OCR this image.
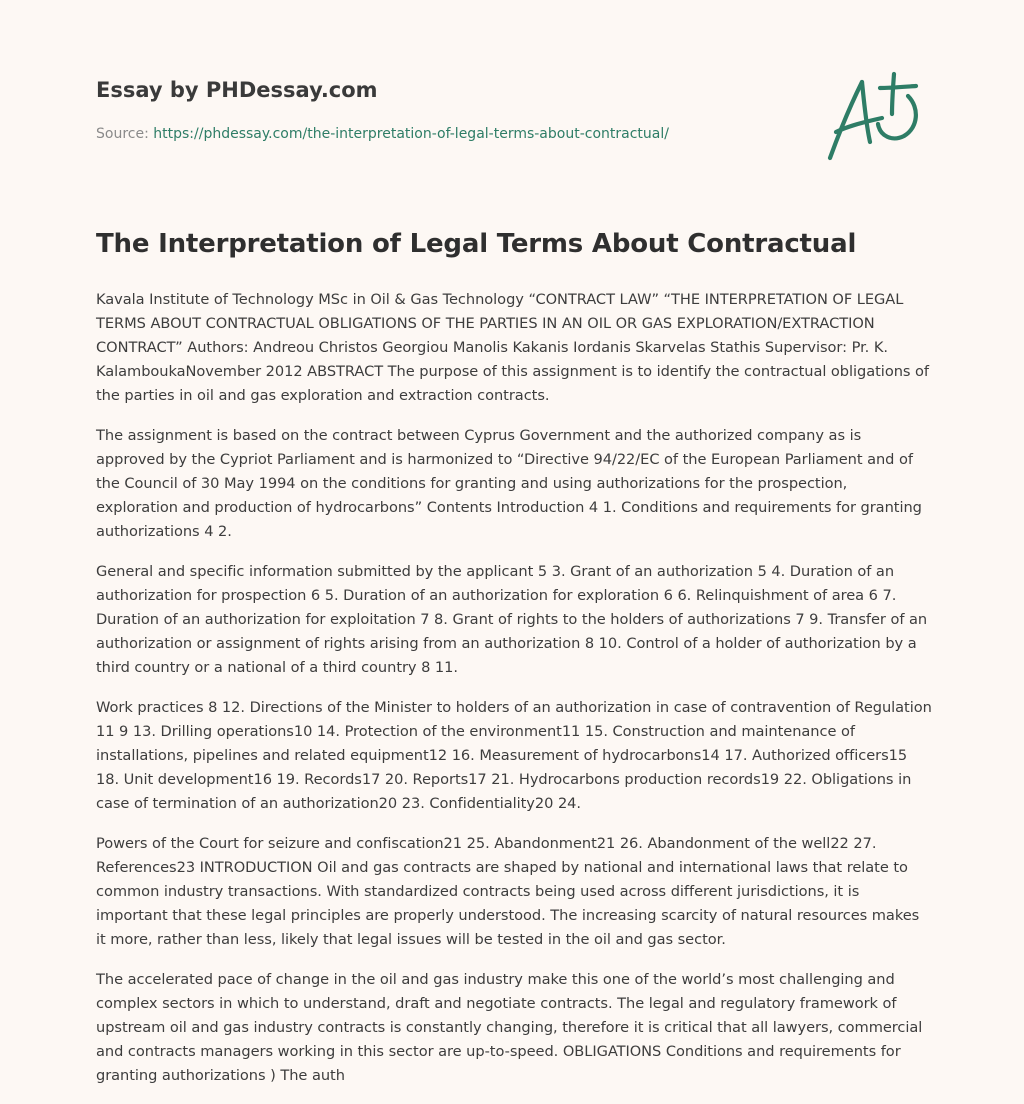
Essay by PHDessay.com
Source: https://phdessay.com/the-interpretation-of-legal-terms-about-contractual/
The Interpretation of Legal Terms About Contractual

Kavala Institute of Technology MSc in Oil & Gas Technology “CONTRACT LAW” “THE INTERPRETATION OF LEGAL TERMS ABOUT CONTRACTUAL OBLIGATIONS OF THE PARTIES IN AN OIL OR GAS EXPLORATION/EXTRACTION CONTRACT” Authors: Andreou Christos Georgiou Manolis Kakanis Iordanis Skarvelas Stathis Supervisor: Pr. K. KalamboukaNovember 2012 ABSTRACT The purpose of this assignment is to identify the contractual obligations of the parties in oil and gas exploration and extraction contracts.

The assignment is based on the contract between Cyprus Government and the authorized company as is approved by the Cypriot Parliament and is harmonized to “Directive 94/22/EC of the European Parliament and of the Council of 30 May 1994 on the conditions for granting and using authorizations for the prospection, exploration and production of hydrocarbons” Contents Introduction 4 1. Conditions and requirements for granting authorizations 4 2.

General and specific information submitted by the applicant 5 3. Grant of an authorization 5 4. Duration of an authorization for prospection 6 5. Duration of an authorization for exploration 6 6. Relinquishment of area 6 7. Duration of an authorization for exploitation 7 8. Grant of rights to the holders of authorizations 7 9. Transfer of an authorization or assignment of rights arising from an authorization 8 10. Control of a holder of authorization by a third country or a national of a third country 8 11.

Work practices 8 12. Directions of the Minister to holders of an authorization in case of contravention of Regulation 11 9 13. Drilling operations10 14. Protection of the environment11 15. Construction and maintenance of installations, pipelines and related equipment12 16. Measurement of hydrocarbons14 17. Authorized officers15 18. Unit development16 19. Records17 20. Reports17 21. Hydrocarbons production records19 22. Obligations in case of termination of an authorization20 23. Confidentiality20 24.

Powers of the Court for seizure and confiscation21 25. Abandonment21 26. Abandonment of the well22 27. References23 INTRODUCTION Oil and gas contracts are shaped by national and international laws that relate to common industry transactions. With standardized contracts being used across different jurisdictions, it is important that these legal principles are properly understood. The increasing scarcity of natural resources makes it more, rather than less, likely that legal issues will be tested in the oil and gas sector.

The accelerated pace of change in the oil and gas industry make this one of the world’s most challenging and complex sectors in which to understand, draft and negotiate contracts. The legal and regulatory framework of upstream oil and gas industry contracts is constantly changing, therefore it is critical that all lawyers, commercial and contracts managers working in this sector are up-to-speed. OBLIGATIONS Conditions and requirements for granting authorizations ) The auth
